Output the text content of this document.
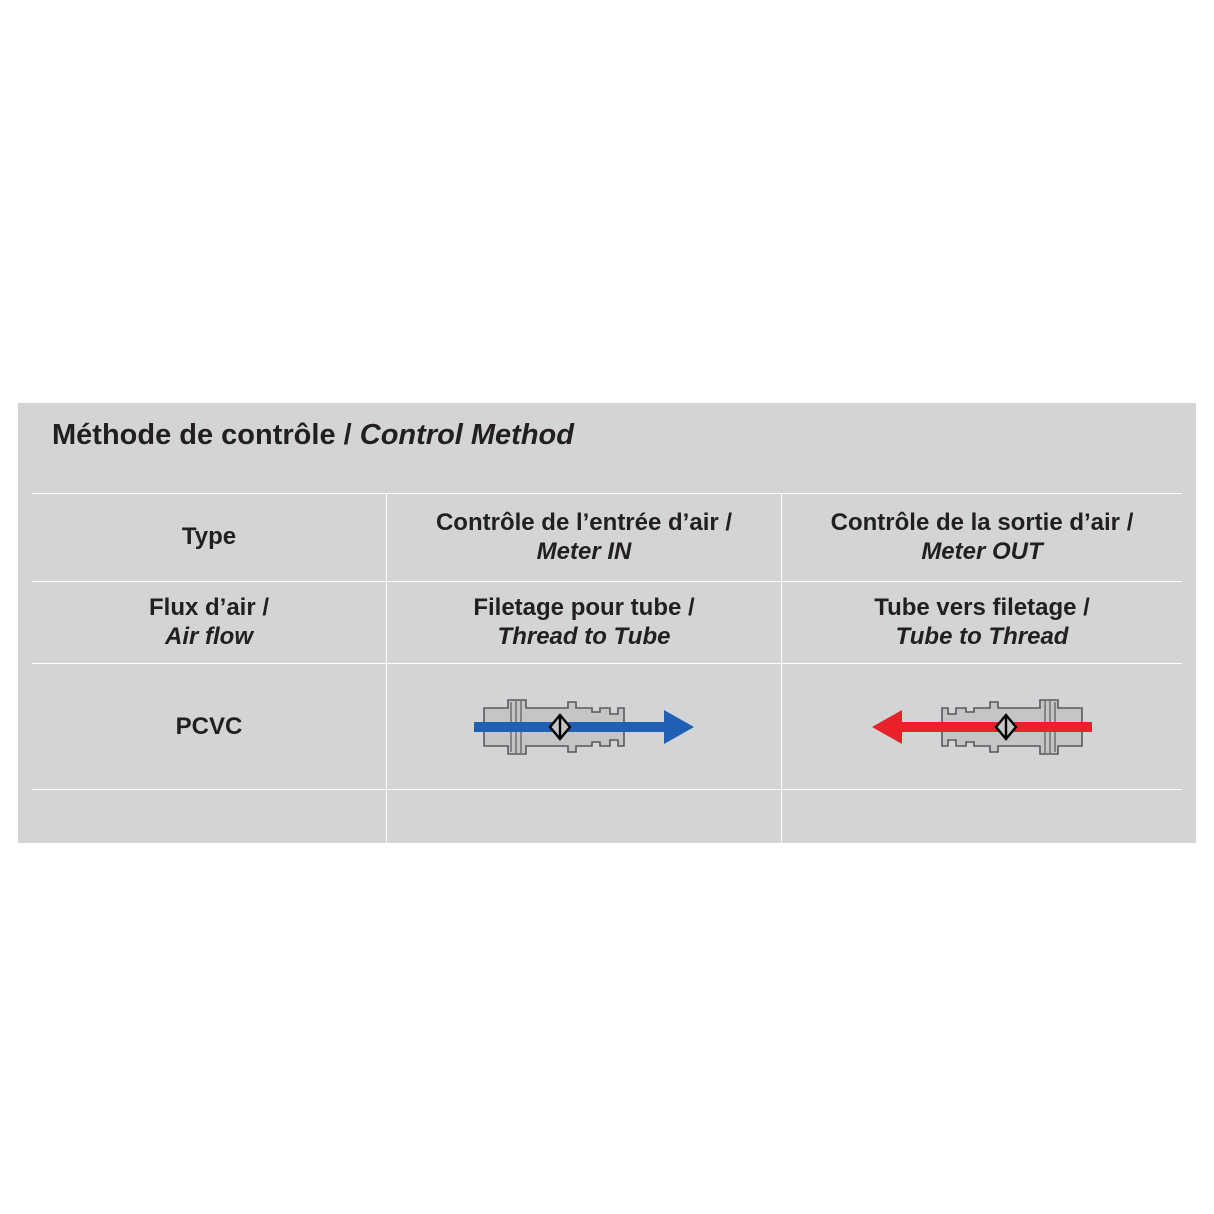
Méthode de contrôle / Control Method
Type
Contrôle de l’entrée d’air /
Meter IN
Contrôle de la sortie d’air /
Meter OUT
Flux d’air /
Air flow
Filetage pour tube /
Thread to Tube
Tube vers filetage /
Tube to Thread
PCVC
